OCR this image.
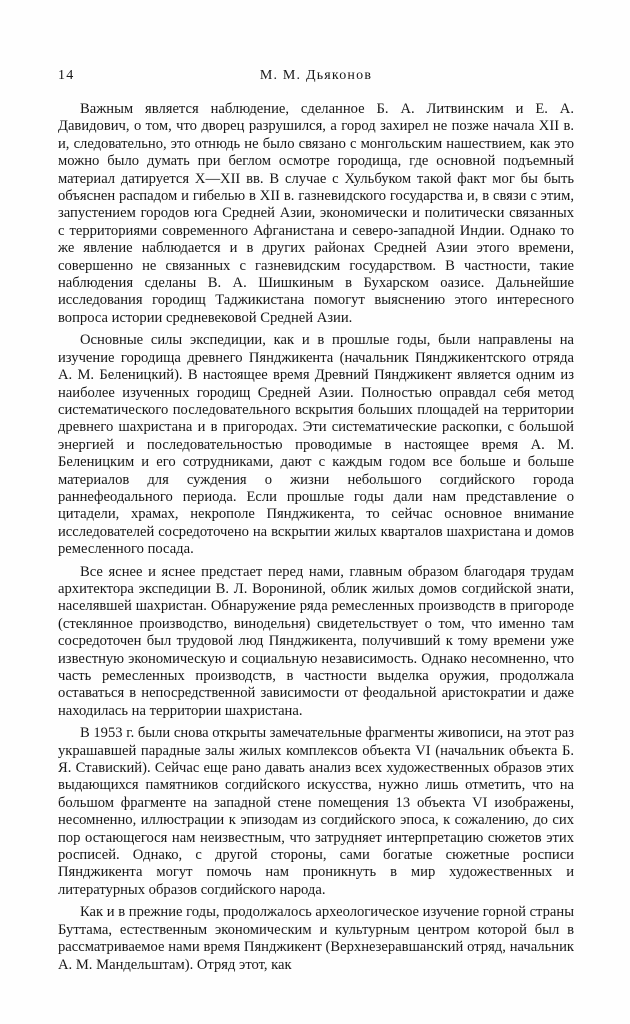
14	М. М. Дьяконов

Важным является наблюдение, сделанное Б. А. Литвинским и Е. А. Давидович, о том, что дворец разрушился, а город захирел не позже начала XII в. и, следовательно, это отнюдь не было связано с монгольским нашествием, как это можно было думать при беглом осмотре городища, где основной подъемный материал датируется X—XII вв. В случае с Хульбуком такой факт мог бы быть объяснен распадом и гибелью в XII в. газневидского государства и, в связи с этим, запустением городов юга Средней Азии, экономически и политически связанных с территориями современного Афганистана и северо-западной Индии. Однако то же явление наблюдается и в других районах Средней Азии этого времени, совершенно не связанных с газневидским государством. В частности, такие наблюдения сделаны В. А. Шишкиным в Бухарском оазисе. Дальнейшие исследования городищ Таджикистана помогут выяснению этого интересного вопроса истории средневековой Средней Азии.

Основные силы экспедиции, как и в прошлые годы, были направлены на изучение городища древнего Пянджикента (начальник Пянджикентского отряда А. М. Беленицкий). В настоящее время Древний Пянджикент является одним из наиболее изученных городищ Средней Азии. Полностью оправдал себя метод систематического последовательного вскрытия больших площадей на территории древнего шахристана и в пригородах. Эти систематические раскопки, с большой энергией и последовательностью проводимые в настоящее время А. М. Беленицким и его сотрудниками, дают с каждым годом все больше и больше материалов для суждения о жизни небольшого согдийского города раннефеодального периода. Если прошлые годы дали нам представление о цитадели, храмах, некрополе Пянджикента, то сейчас основное внимание исследователей сосредоточено на вскрытии жилых кварталов шахристана и домов ремесленного посада.

Все яснее и яснее предстает перед нами, главным образом благодаря трудам архитектора экспедиции В. Л. Ворониной, облик жилых домов согдийской знати, населявшей шахристан. Обнаружение ряда ремесленных производств в пригороде (стеклянное производство, винодельня) свидетельствует о том, что именно там сосредоточен был трудовой люд Пянджикента, получивший к тому времени уже известную экономическую и социальную независимость. Однако несомненно, что часть ремесленных производств, в частности выделка оружия, продолжала оставаться в непосредственной зависимости от феодальной аристократии и даже находилась на территории шахристана.

В 1953 г. были снова открыты замечательные фрагменты живописи, на этот раз украшавшей парадные залы жилых комплексов объекта VI (начальник объекта Б. Я. Ставиский). Сейчас еще рано давать анализ всех художественных образов этих выдающихся памятников согдийского искусства, нужно лишь отметить, что на большом фрагменте на западной стене помещения 13 объекта VI изображены, несомненно, иллюстрации к эпизодам из согдийского эпоса, к сожалению, до сих пор остающегося нам неизвестным, что затрудняет интерпретацию сюжетов этих росписей. Однако, с другой стороны, сами богатые сюжетные росписи Пянджикента могут помочь нам проникнуть в мир художественных и литературных образов согдийского народа.

Как и в прежние годы, продолжалось археологическое изучение горной страны Буттама, естественным экономическим и культурным центром которой был в рассматриваемое нами время Пянджикент (Верхнезеравшанский отряд, начальник А. М. Мандельштам). Отряд этот, как
